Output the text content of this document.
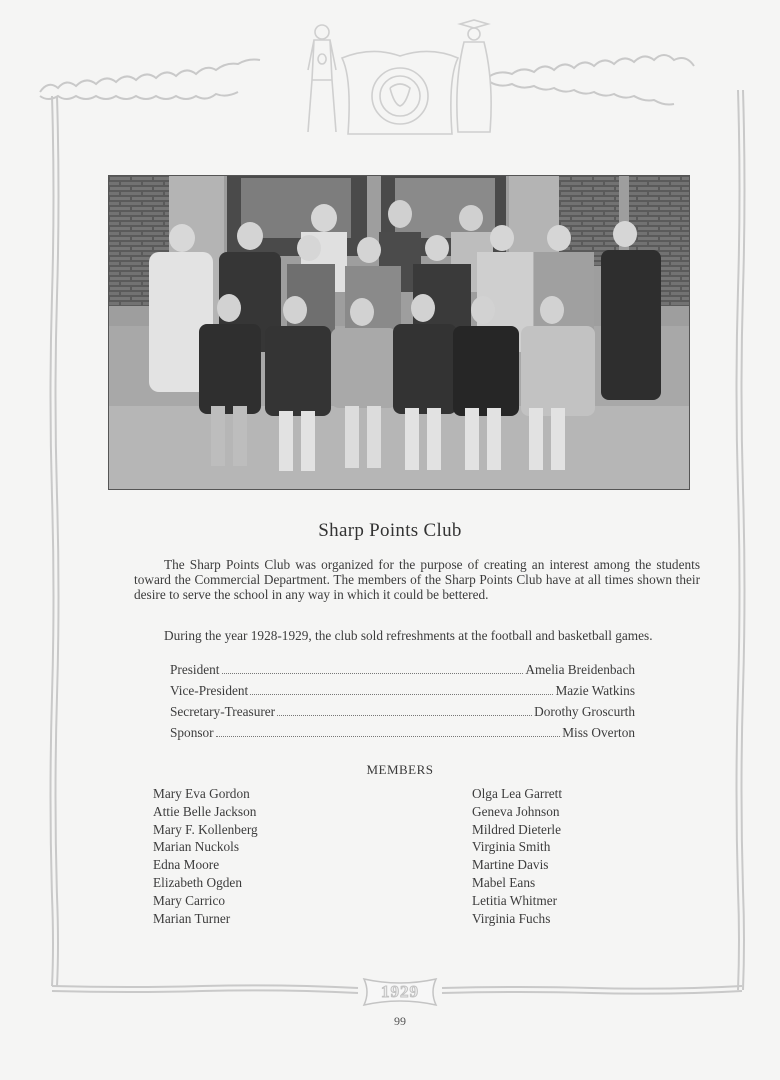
Sharp Points Club
The Sharp Points Club was organized for the purpose of creating an interest among the students toward the Commercial Department. The members of the Sharp Points Club have at all times shown their desire to serve the school in any way in which it could be bettered.
During the year 1928-1929, the club sold refreshments at the football and basketball games.
President	Amelia Breidenbach
Vice-President	Mazie Watkins
Secretary-Treasurer	Dorothy Groscurth
Sponsor	Miss Overton
MEMBERS
Mary Eva Gordon
Attie Belle Jackson
Mary F. Kollenberg
Marian Nuckols
Edna Moore
Elizabeth Ogden
Mary Carrico
Marian Turner
Olga Lea Garrett
Geneva Johnson
Mildred Dieterle
Virginia Smith
Martine Davis
Mabel Eans
Letitia Whitmer
Virginia Fuchs
1929
99
